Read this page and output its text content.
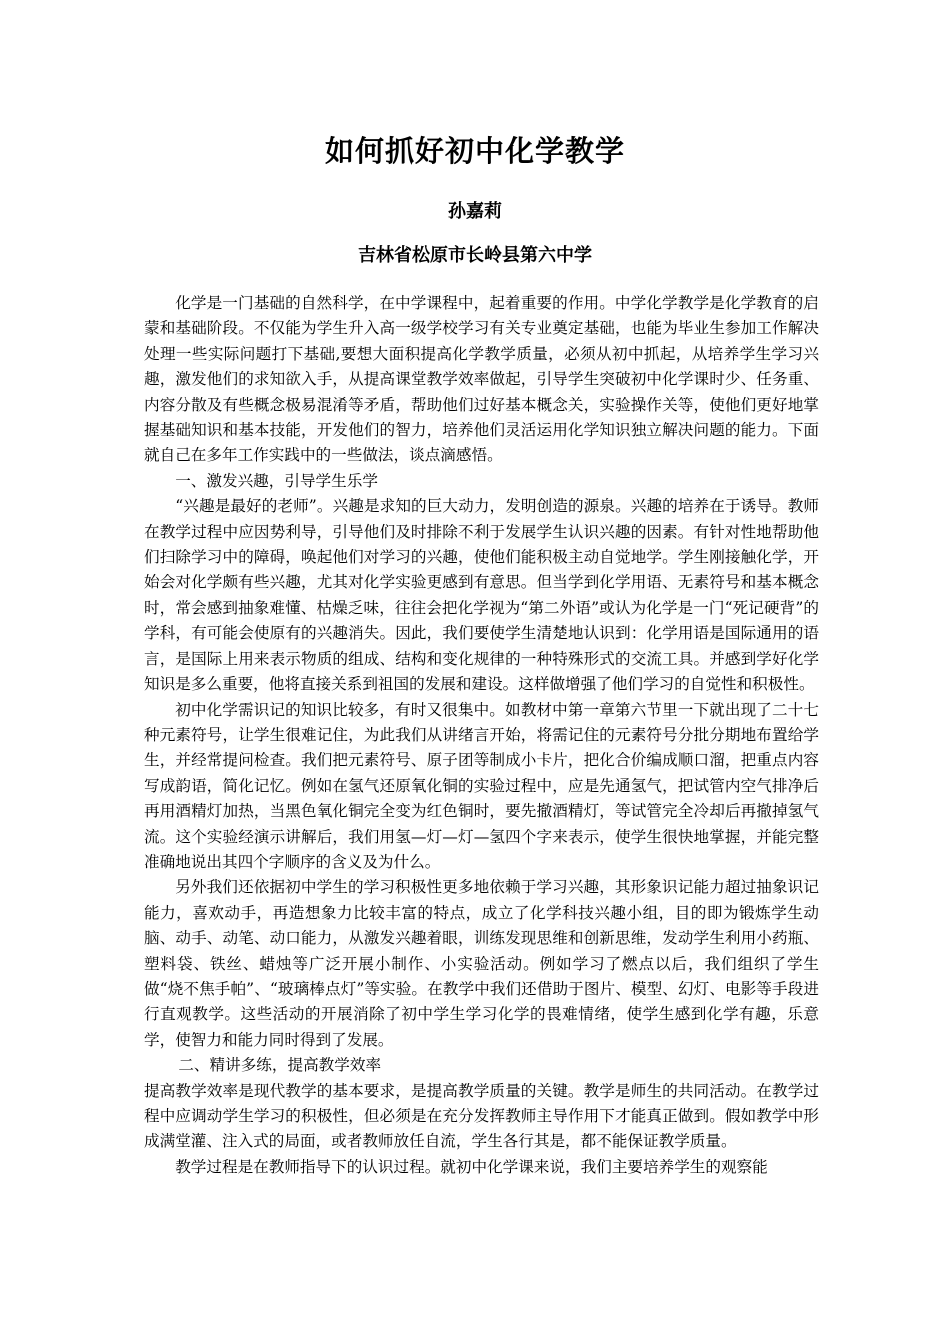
如何抓好初中化学教学
孙嘉莉
吉林省松原市长岭县第六中学

化学是一门基础的自然科学，在中学课程中，起着重要的作用。中学化学教学是化学教育的启蒙和基础阶段。不仅能为学生升入高一级学校学习有关专业奠定基础，也能为毕业生参加工作解决处理一些实际问题打下基础,要想大面积提高化学教学质量，必须从初中抓起，从培养学生学习兴趣，激发他们的求知欲入手，从提高课堂教学效率做起，引导学生突破初中化学课时少、任务重、内容分散及有些概念极易混淆等矛盾，帮助他们过好基本概念关，实验操作关等，使他们更好地掌握基础知识和基本技能，开发他们的智力，培养他们灵活运用化学知识独立解决问题的能力。下面就自己在多年工作实践中的一些做法，谈点滴感悟。

一、激发兴趣，引导学生乐学

“兴趣是最好的老师”。兴趣是求知的巨大动力，发明创造的源泉。兴趣的培养在于诱导。教师在教学过程中应因势利导，引导他们及时排除不利于发展学生认识兴趣的因素。有针对性地帮助他们扫除学习中的障碍，唤起他们对学习的兴趣，使他们能积极主动自觉地学。学生刚接触化学，开始会对化学颇有些兴趣，尤其对化学实验更感到有意思。但当学到化学用语、无素符号和基本概念时，常会感到抽象难懂、枯燥乏味，往往会把化学视为“第二外语”或认为化学是一门“死记硬背”的学科，有可能会使原有的兴趣消失。因此，我们要使学生清楚地认识到：化学用语是国际通用的语言，是国际上用来表示物质的组成、结构和变化规律的一种特殊形式的交流工具。并感到学好化学知识是多么重要，他将直接关系到祖国的发展和建设。这样做增强了他们学习的自觉性和积极性。

初中化学需识记的知识比较多，有时又很集中。如教材中第一章第六节里一下就出现了二十七种元素符号，让学生很难记住，为此我们从讲绪言开始，将需记住的元素符号分批分期地布置给学生，并经常提问检查。我们把元素符号、原子团等制成小卡片，把化合价编成顺口溜，把重点内容写成韵语，简化记忆。例如在氢气还原氧化铜的实验过程中，应是先通氢气，把试管内空气排净后再用酒精灯加热，当黑色氧化铜完全变为红色铜时，要先撤酒精灯，等试管完全冷却后再撤掉氢气流。这个实验经演示讲解后，我们用氢—灯—灯—氢四个字来表示，使学生很快地掌握，并能完整准确地说出其四个字顺序的含义及为什么。

另外我们还依据初中学生的学习积极性更多地依赖于学习兴趣，其形象识记能力超过抽象识记能力，喜欢动手，再造想象力比较丰富的特点，成立了化学科技兴趣小组，目的即为锻炼学生动脑、动手、动笔、动口能力，从激发兴趣着眼，训练发现思维和创新思维，发动学生利用小药瓶、塑料袋、铁丝、蜡烛等广泛开展小制作、小实验活动。例如学习了燃点以后，我们组织了学生做“烧不焦手帕”、“玻璃棒点灯”等实验。在教学中我们还借助于图片、模型、幻灯、电影等手段进行直观教学。这些活动的开展消除了初中学生学习化学的畏难情绪，使学生感到化学有趣，乐意学，使智力和能力同时得到了发展。

二、精讲多练，提高教学效率

提高教学效率是现代教学的基本要求，是提高教学质量的关键。教学是师生的共同活动。在教学过程中应调动学生学习的积极性，但必须是在充分发挥教师主导作用下才能真正做到。假如教学中形成满堂灌、注入式的局面，或者教师放任自流，学生各行其是，都不能保证教学质量。

教学过程是在教师指导下的认识过程。就初中化学课来说，我们主要培养学生的观察能
